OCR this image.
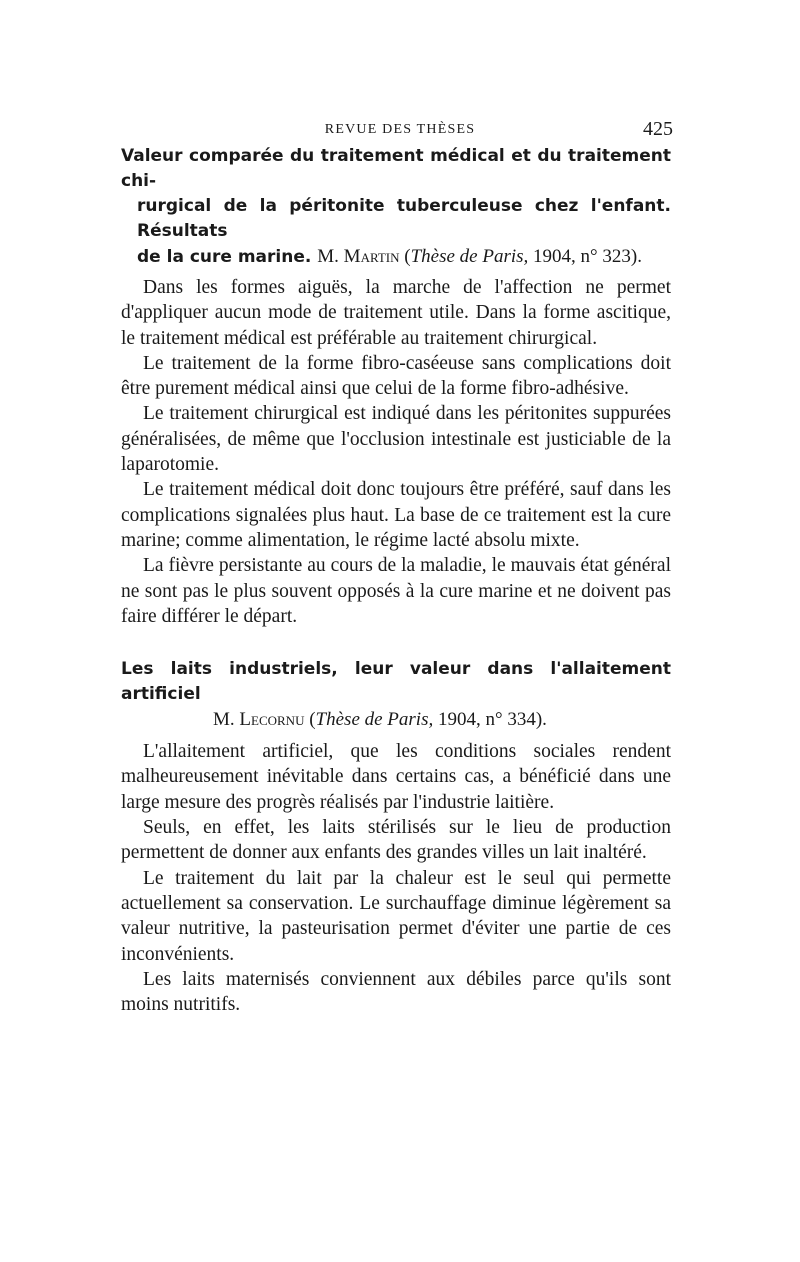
REVUE DES THÈSES	425
Valeur comparée du traitement médical et du traitement chi-
rurgical de la péritonite tuberculeuse chez l'enfant. Résultats
de la cure marine. M. Martin (Thèse de Paris, 1904, n° 323).

Dans les formes aiguës, la marche de l'affection ne permet d'appliquer aucun mode de traitement utile. Dans la forme ascitique, le traitement médical est préférable au traitement chirurgical.

Le traitement de la forme fibro-caséeuse sans complications doit être purement médical ainsi que celui de la forme fibro-adhésive.

Le traitement chirurgical est indiqué dans les péritonites suppurées généralisées, de même que l'occlusion intestinale est justiciable de la laparotomie.

Le traitement médical doit donc toujours être préféré, sauf dans les complications signalées plus haut. La base de ce traitement est la cure marine; comme alimentation, le régime lacté absolu mixte.

La fièvre persistante au cours de la maladie, le mauvais état général ne sont pas le plus souvent opposés à la cure marine et ne doivent pas faire différer le départ.

Les laits industriels, leur valeur dans l'allaitement artificiel
M. Lecornu (Thèse de Paris, 1904, n° 334).

L'allaitement artificiel, que les conditions sociales rendent malheureusement inévitable dans certains cas, a bénéficié dans une large mesure des progrès réalisés par l'industrie laitière.

Seuls, en effet, les laits stérilisés sur le lieu de production permettent de donner aux enfants des grandes villes un lait inaltéré.

Le traitement du lait par la chaleur est le seul qui permette actuellement sa conservation. Le surchauffage diminue légèrement sa valeur nutritive, la pasteurisation permet d'éviter une partie de ces inconvénients.

Les laits maternisés conviennent aux débiles parce qu'ils sont moins nutritifs.
